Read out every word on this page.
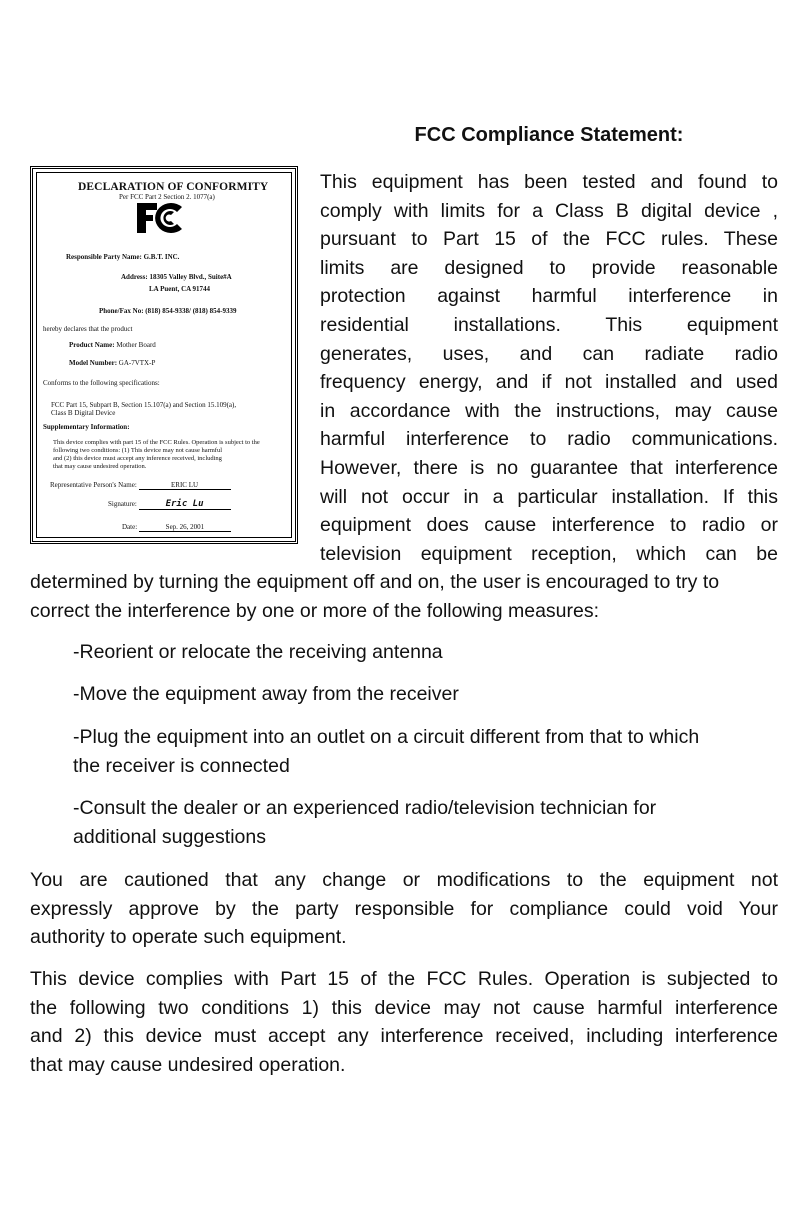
FCC Compliance Statement:
DECLARATION OF CONFORMITY
Per FCC Part 2 Section 2. 1077(a)
Responsible Party Name: G.B.T. INC.
Address: 18305 Valley Blvd., Suite#A
LA Puent, CA 91744
Phone/Fax No: (818) 854-9338/ (818) 854-9339
hereby declares that the product
Product Name: Mother Board
Model Number: GA-7VTX-P
Conforms to the following specifications:
FCC Part 15, Subpart B, Section 15.107(a) and Section 15.109(a),
Class B Digital Device
Supplementary Information:
This device complies with part 15 of the FCC Rules. Operation is subject to the
following two conditions: (1) This device may not cause harmful
and (2) this device must accept any inference received, including
that may cause undesired operation.
Representative Person's Name:	ERIC LU
Signature:	Eric Lu
Date:	Sep. 26, 2001
This equipment has been tested and found to
comply with limits for a Class B digital device ,
pursuant to Part 15 of the FCC rules. These
limits are designed to provide reasonable
protection against harmful interference in
residential installations. This equipment
generates, uses, and can radiate radio
frequency energy, and if not installed and used
in accordance with the instructions, may cause
harmful interference to radio communications.
However, there is no guarantee that interference
will not occur in a particular installation. If this
equipment does cause interference to radio or
television equipment reception, which can be
determined by turning the equipment off and on, the user is encouraged to try to
correct the interference by one or more of the following measures:
-Reorient or relocate the receiving antenna
-Move the equipment away from the receiver
-Plug the equipment into an outlet on a circuit different from that to which
the receiver is connected
-Consult the dealer or an experienced radio/television technician for
additional suggestions
You are cautioned that any change or modifications to the equipment not
expressly approve by the party responsible for compliance could void Your
authority to operate such equipment.
This device complies with Part 15 of the FCC Rules. Operation is subjected to
the following two conditions 1) this device may not cause harmful interference
and 2) this device must accept any interference received, including interference
that may cause undesired operation.
